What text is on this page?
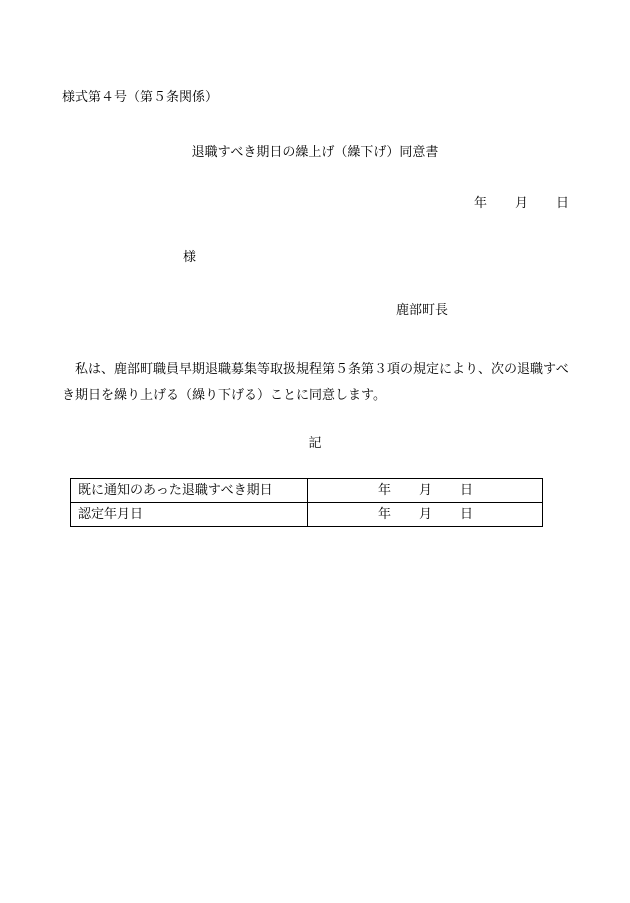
様式第４号（第５条関係）
退職すべき期日の繰上げ（繰下げ）同意書
年 月 日
様
鹿部町長
私は、鹿部町職員早期退職募集等取扱規程第５条第３項の規定により、次の退職すべき期日を繰り上げる（繰り下げる）ことに同意します。
記
既に通知のあった退職すべき期日	年 月 日
認定年月日	年 月 日
